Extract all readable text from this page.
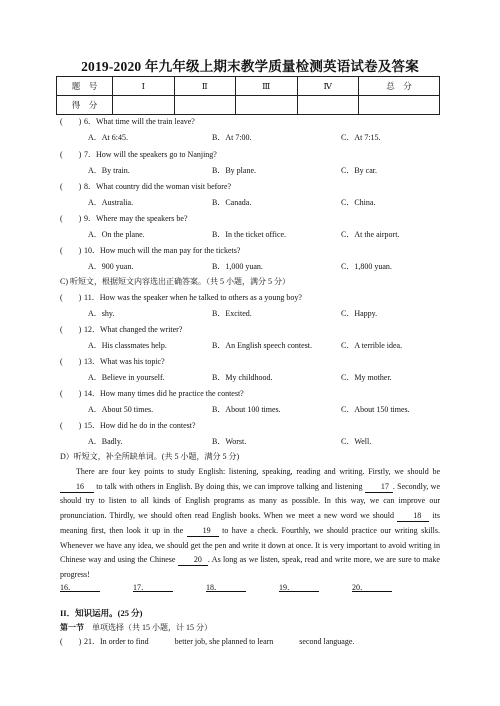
2019-2020 年九年级上期末教学质量检测英语试卷及答案
题　号	Ⅰ	Ⅱ	Ⅲ	Ⅳ	总　分
得　分					
(　　) 6．What time will the train leave?
A．At 6:45.	B．At 7:00.	C．At 7:15.
(　　) 7．How will the speakers go to Nanjing?
A．By train.	B．By plane.	C．By car.
(　　) 8．What country did the woman visit before?
A．Australia.	B．Canada.	C．China.
(　　) 9．Where may the speakers be?
A．On the plane.	B．In the ticket office.	C．At the airport.
(　　) 10．How much will the man pay for the tickets?
A．900 yuan.	B．1,000 yuan.	C．1,800 yuan.
C) 听短文，根据短文内容选出正确答案。（共 5 小题，满分 5 分）
(　　) 11．How was the speaker when he talked to others as a young boy?
A．shy.	B．Excited.	C．Happy.
(　　) 12．What changed the writer?
A．His classmates help.	B．An English speech contest.	C．A terrible idea.
(　　) 13．What was his topic?
A．Believe in yourself.	B．My childhood.	C．My mother.
(　　) 14．How many times did he practice the contest?
A．About 50 times.	B．About 100 times.	C．About 150 times.
(　　) 15．How did he do in the contest?
A．Badly.	B．Worst.	C．Well.
D）听短文，补全所缺单词。(共 5 小题，满分 5 分)
There are four key points to study English: listening, speaking, reading and writing. Firstly, we should be 16 to talk with others in English. By doing this, we can improve talking and listening 17 . Secondly, we should try to listen to all kinds of English programs as many as possible. In this way, we can improve our pronunciation. Thirdly, we should often read English books. When we meet a new word we should 18 its meaning first, then look it up in the 19 to have a check. Fourthly, we should practice our writing skills. Whenever we have any idea, we should get the pen and write it down at once. It is very important to avoid writing in Chinese way and using the Chinese 20 . As long as we listen, speak, read and write more, we are sure to make progress!
16．	17．	18．	19．	20．
II．知识运用。(25 分)
第一节　单项选择（共 15 小题，计 15 分）
(　　) 21．In order to find	better job, she planned to learn	second language.
